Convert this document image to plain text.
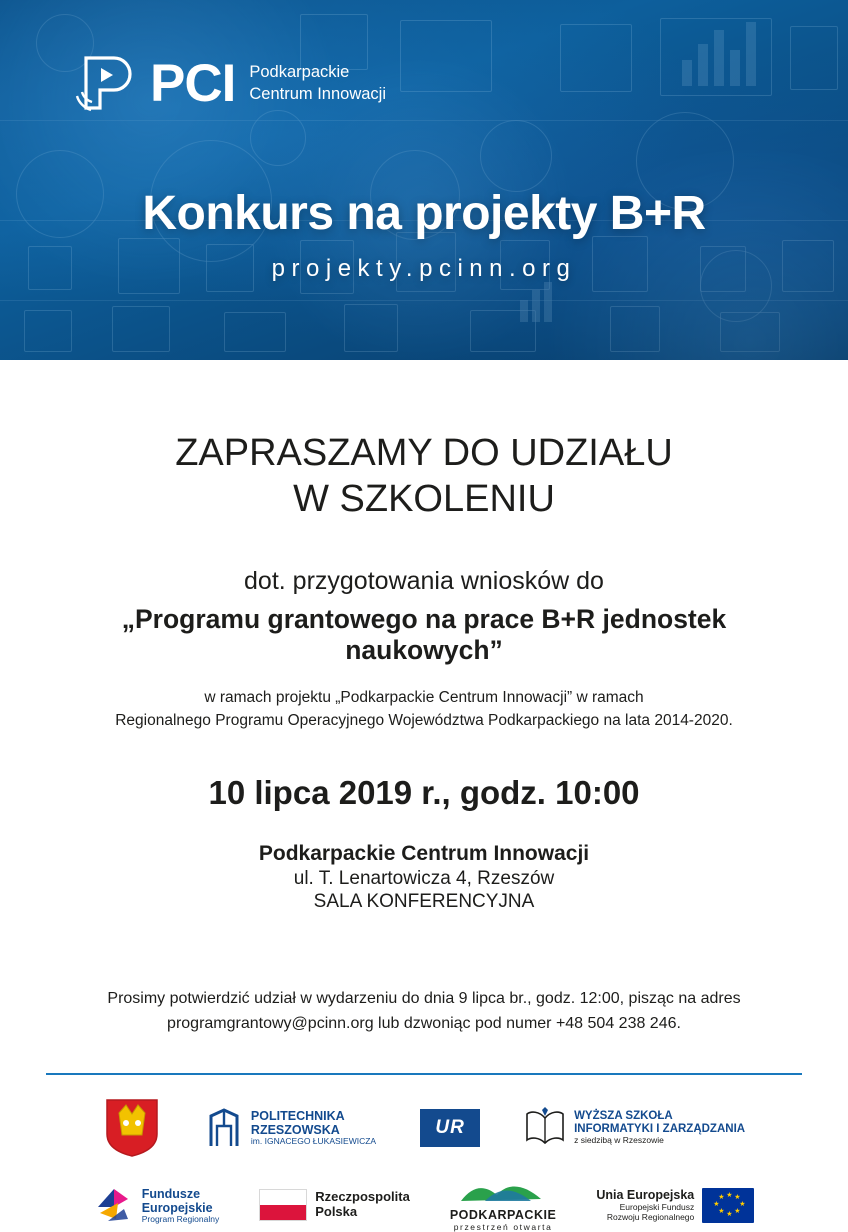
PCI Podkarpackie
Centrum Innowacji
Konkurs na projekty B+R
projekty.pcinn.org
ZAPRASZAMY DO UDZIAŁU
W SZKOLENIU
dot. przygotowania wniosków do
„Programu grantowego na prace B+R jednostek naukowych”
w ramach projektu „Podkarpackie Centrum Innowacji” w ramach
Regionalnego Programu Operacyjnego Województwa Podkarpackiego na lata 2014-2020.
10 lipca 2019 r., godz. 10:00
Podkarpackie Centrum Innowacji
ul. T. Lenartowicza 4, Rzeszów
SALA KONFERENCYJNA
Prosimy potwierdzić udział w wydarzeniu do dnia 9 lipca br., godz. 12:00, pisząc na adres
programgrantowy@pcinn.org lub dzwoniąc pod numer +48 504 238 246.
POLITECHNIKA
RZESZOWSKA
im. IGNACEGO ŁUKASIEWICZA
UR
WYŻSZA SZKOŁA
INFORMATYKI I ZARZĄDZANIA
z siedzibą w Rzeszowie
Fundusze
Europejskie
Program Regionalny
Rzeczpospolita
Polska	PODKARPACKIE
przestrzeń otwarta
Unia Europejska
Europejski Fundusz
Rozwoju Regionalnego
★ ★
★
★
★
★
★
★
